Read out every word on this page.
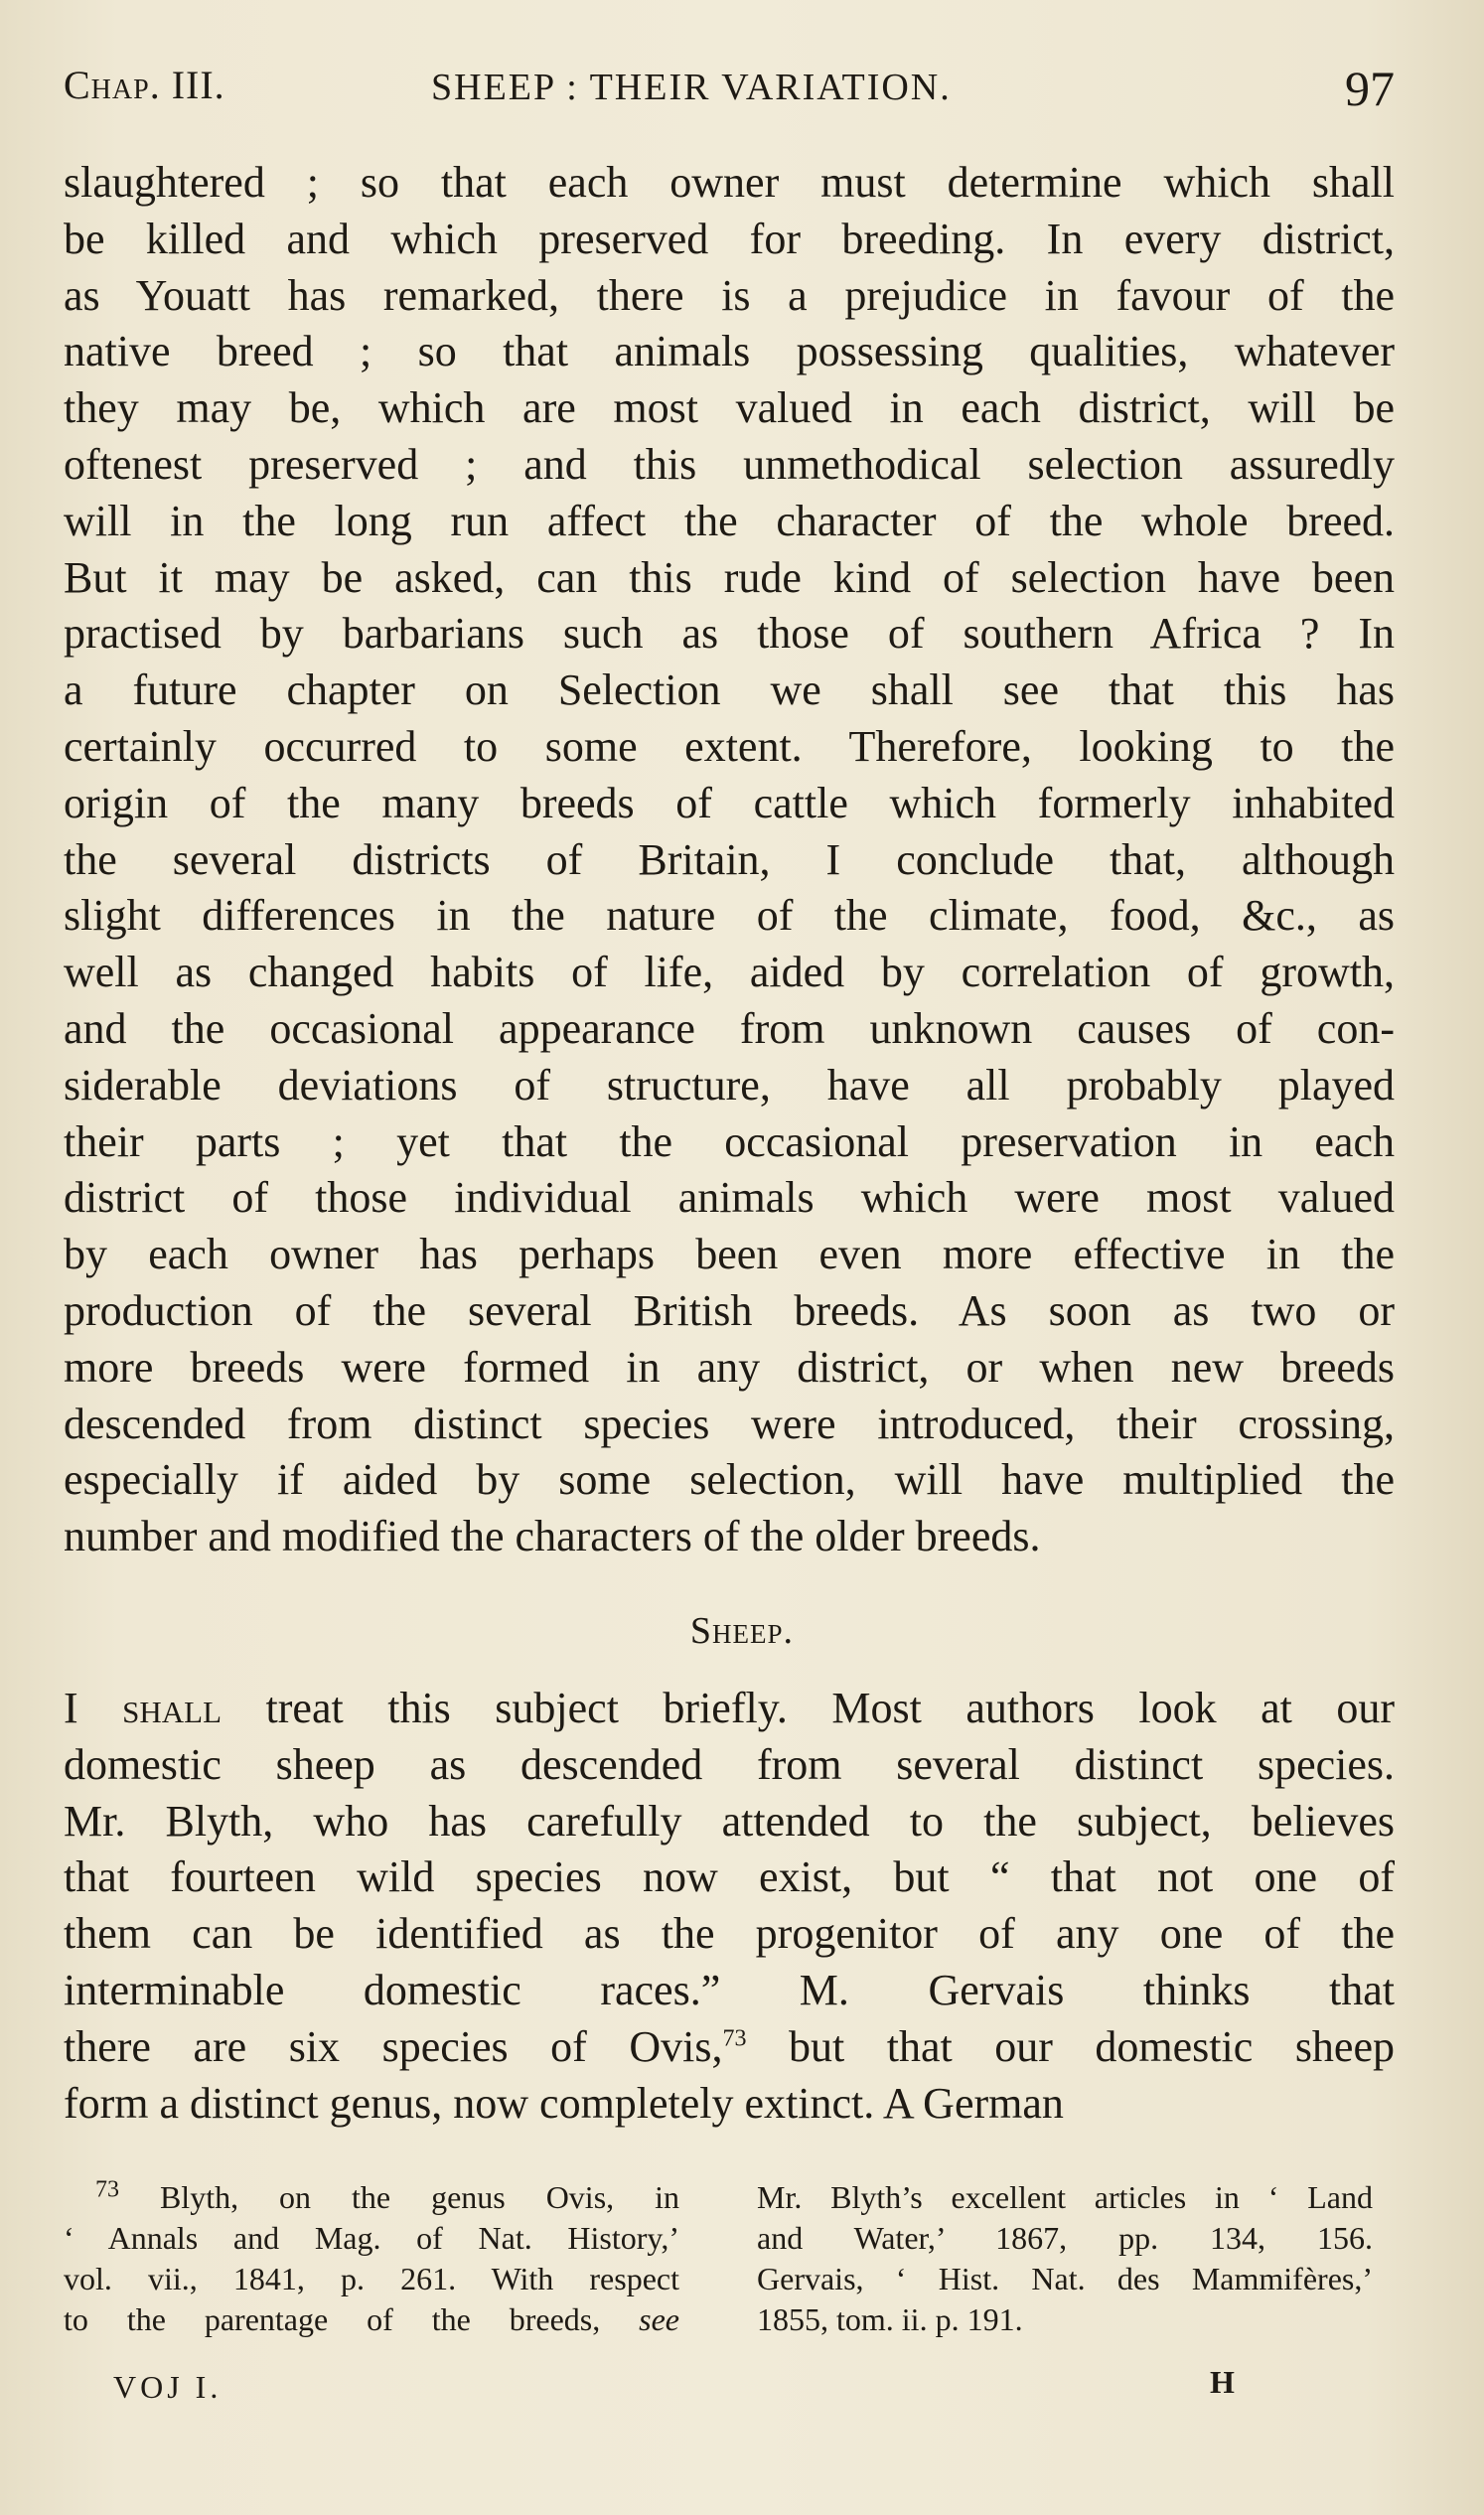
Chap. III.	SHEEP : THEIR VARIATION.	97
slaughtered ; so that each owner must determine which shall
be killed and which preserved for breeding. In every district,
as Youatt has remarked, there is a prejudice in favour of the
native breed ; so that animals possessing qualities, whatever
they may be, which are most valued in each district, will be
oftenest preserved ; and this unmethodical selection assuredly
will in the long run affect the character of the whole breed.
But it may be asked, can this rude kind of selection have been
practised by barbarians such as those of southern Africa ? In
a future chapter on Selection we shall see that this has
certainly occurred to some extent. Therefore, looking to the
origin of the many breeds of cattle which formerly inhabited
the several districts of Britain, I conclude that, although
slight differences in the nature of the climate, food, &c., as
well as changed habits of life, aided by correlation of growth,
and the occasional appearance from unknown causes of con-
siderable deviations of structure, have all probably played
their parts ; yet that the occasional preservation in each
district of those individual animals which were most valued
by each owner has perhaps been even more effective in the
production of the several British breeds. As soon as two or
more breeds were formed in any district, or when new breeds
descended from distinct species were introduced, their crossing,
especially if aided by some selection, will have multiplied the
number and modified the characters of the older breeds.
Sheep.
I shall treat this subject briefly. Most authors look at our
domestic sheep as descended from several distinct species.
Mr. Blyth, who has carefully attended to the subject, believes
that fourteen wild species now exist, but “ that not one of
them can be identified as the progenitor of any one of the
interminable domestic races.” M. Gervais thinks that
there are six species of Ovis,$^{73}$ but that our domestic sheep
form a distinct genus, now completely extinct. A German
 $^{73}$ Blyth, on the genus Ovis, in
‘ Annals and Mag. of Nat. History,’
vol. vii., 1841, p. 261. With respect
to the parentage of the breeds, see
Mr. Blyth’s excellent articles in ‘ Land
and Water,’ 1867, pp. 134, 156.
Gervais, ‘ Hist. Nat. des Mammifères,’
1855, tom. ii. p. 191.
VOJ I.	H
